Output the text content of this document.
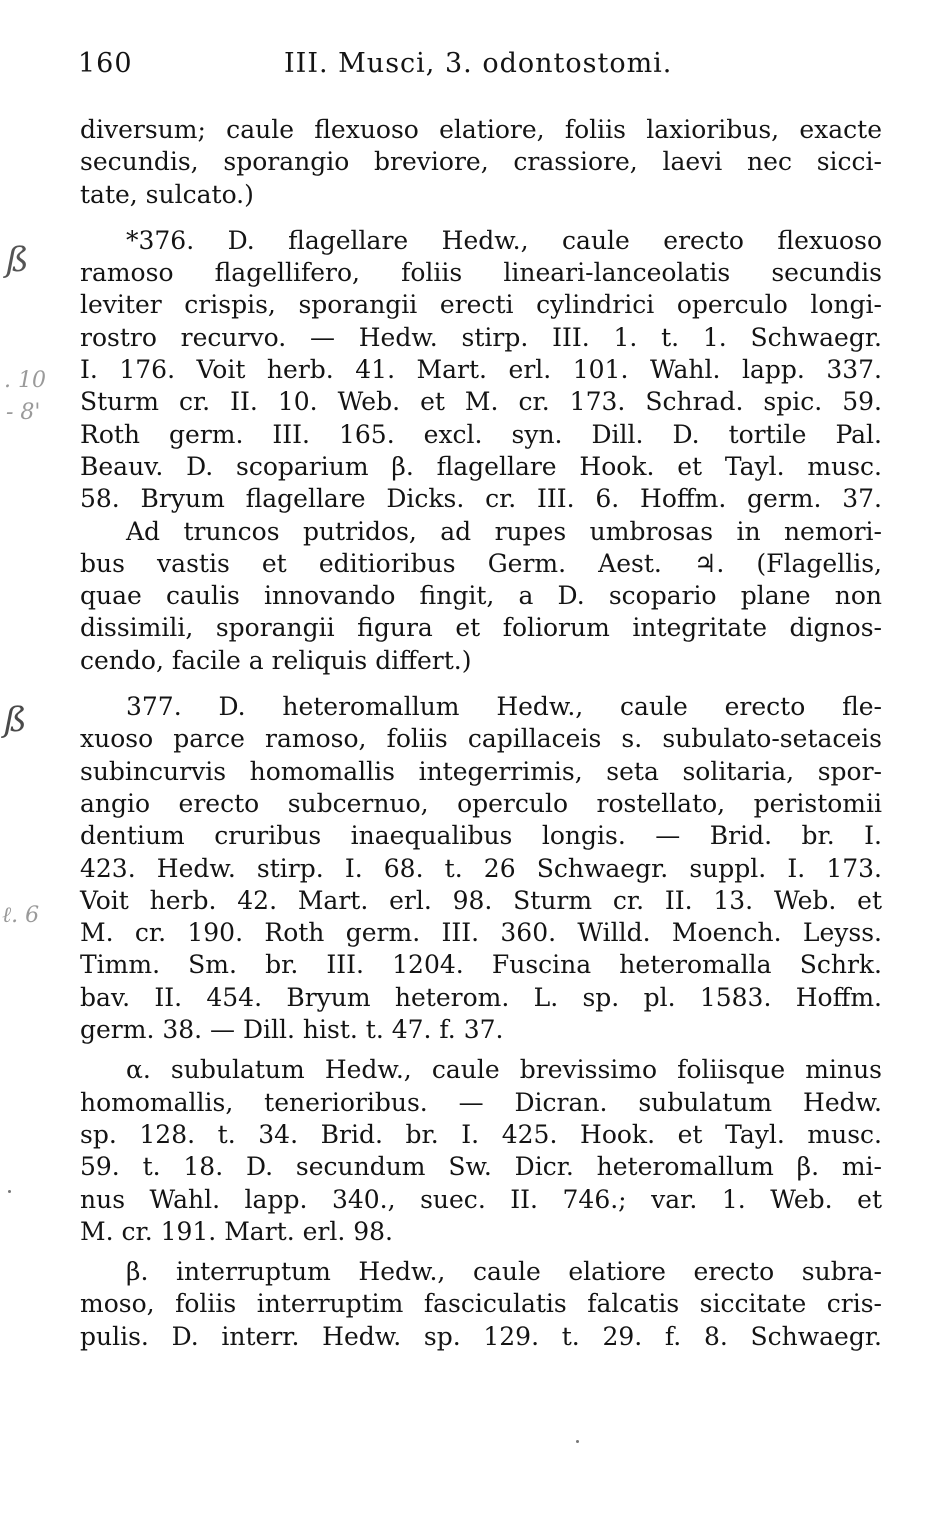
160	III. Musci, 3. odontostomi.
ß
. 10
- 8'
ß
ℓ. 6
diversum; caule flexuoso elatiore, foliis laxioribus, exacte
secundis, sporangio breviore, crassiore, laevi nec sicci-
tate, sulcato.)
*376. D. flagellare Hedw., caule erecto flexuoso
ramoso flagellifero, foliis lineari-lanceolatis secundis
leviter crispis, sporangii erecti cylindrici operculo longi-
rostro recurvo. — Hedw. stirp. III. 1. t. 1. Schwaegr.
I. 176. Voit herb. 41. Mart. erl. 101. Wahl. lapp. 337.
Sturm cr. II. 10. Web. et M. cr. 173. Schrad. spic. 59.
Roth germ. III. 165. excl. syn. Dill. D. tortile Pal.
Beauv. D. scoparium β. flagellare Hook. et Tayl. musc.
58. Bryum flagellare Dicks. cr. III. 6. Hoffm. germ. 37.
Ad truncos putridos, ad rupes umbrosas in nemori-
bus vastis et editioribus Germ. Aest. ♃. (Flagellis,
quae caulis innovando fingit, a D. scopario plane non
dissimili, sporangii figura et foliorum integritate dignos-
cendo, facile a reliquis differt.)
377. D. heteromallum Hedw., caule erecto fle-
xuoso parce ramoso, foliis capillaceis s. subulato-setaceis
subincurvis homomallis integerrimis, seta solitaria, spor-
angio erecto subcernuo, operculo rostellato, peristomii
dentium cruribus inaequalibus longis. — Brid. br. I.
423. Hedw. stirp. I. 68. t. 26 Schwaegr. suppl. I. 173.
Voit herb. 42. Mart. erl. 98. Sturm cr. II. 13. Web. et
M. cr. 190. Roth germ. III. 360. Willd. Moench. Leyss.
Timm. Sm. br. III. 1204. Fuscina heteromalla Schrk.
bav. II. 454. Bryum heterom. L. sp. pl. 1583. Hoffm.
germ. 38. — Dill. hist. t. 47. f. 37.
α. subulatum Hedw., caule brevissimo foliisque minus
homomallis, tenerioribus. — Dicran. subulatum Hedw.
sp. 128. t. 34. Brid. br. I. 425. Hook. et Tayl. musc.
59. t. 18. D. secundum Sw. Dicr. heteromallum β. mi-
nus Wahl. lapp. 340., suec. II. 746.; var. 1. Web. et
M. cr. 191. Mart. erl. 98.
β. interruptum Hedw., caule elatiore erecto subra-
moso, foliis interruptim fasciculatis falcatis siccitate cris-
pulis. D. interr. Hedw. sp. 129. t. 29. f. 8. Schwaegr.
